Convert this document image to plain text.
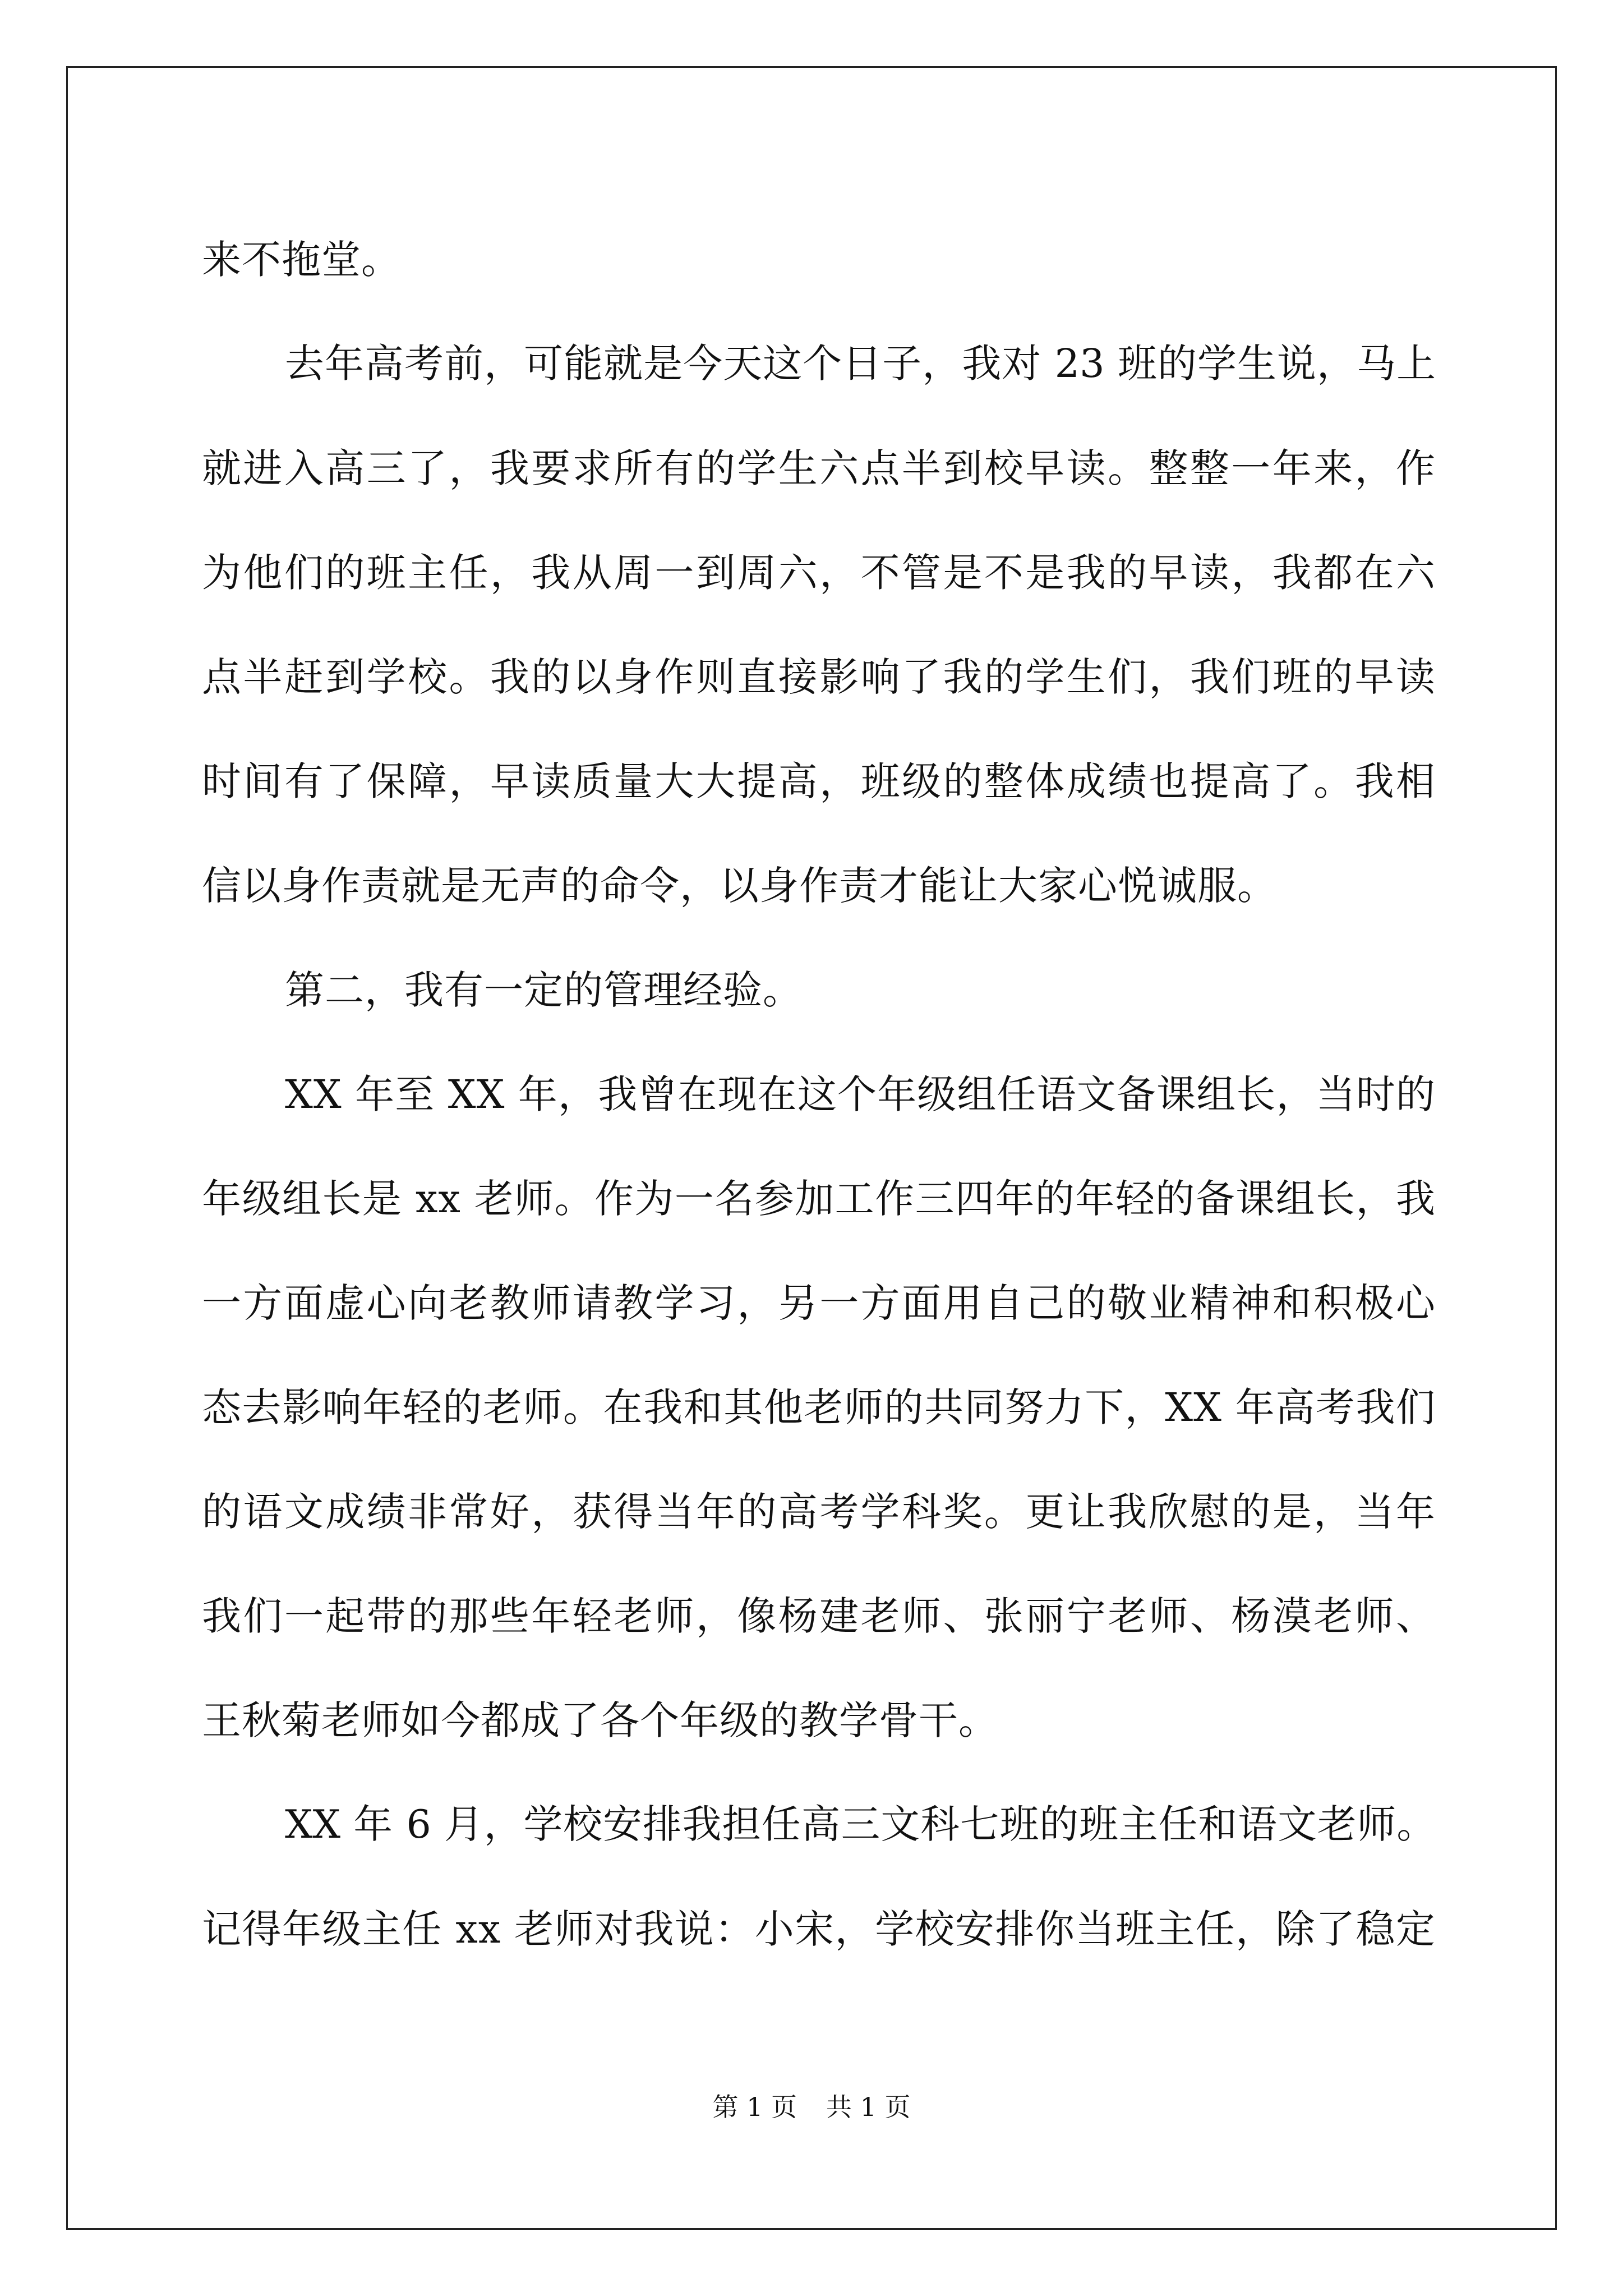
来不拖堂。
去年高考前，可能就是今天这个日子，我对 23 班的学生说，马上
就进入高三了，我要求所有的学生六点半到校早读。整整一年来，作
为他们的班主任，我从周一到周六，不管是不是我的早读，我都在六
点半赶到学校。我的以身作则直接影响了我的学生们，我们班的早读
时间有了保障，早读质量大大提高，班级的整体成绩也提高了。我相
信以身作责就是无声的命令，以身作责才能让大家心悦诚服。
第二，我有一定的管理经验。
XX 年至 XX 年，我曾在现在这个年级组任语文备课组长，当时的
年级组长是 xx 老师。作为一名参加工作三四年的年轻的备课组长，我
一方面虚心向老教师请教学习，另一方面用自己的敬业精神和积极心
态去影响年轻的老师。在我和其他老师的共同努力下，XX 年高考我们
的语文成绩非常好，获得当年的高考学科奖。更让我欣慰的是，当年
我们一起带的那些年轻老师，像杨建老师、张丽宁老师、杨漠老师、
王秋菊老师如今都成了各个年级的教学骨干。
XX 年 6 月，学校安排我担任高三文科七班的班主任和语文老师。
记得年级主任 xx 老师对我说：小宋，学校安排你当班主任，除了稳定
第 1 页 共 1 页
